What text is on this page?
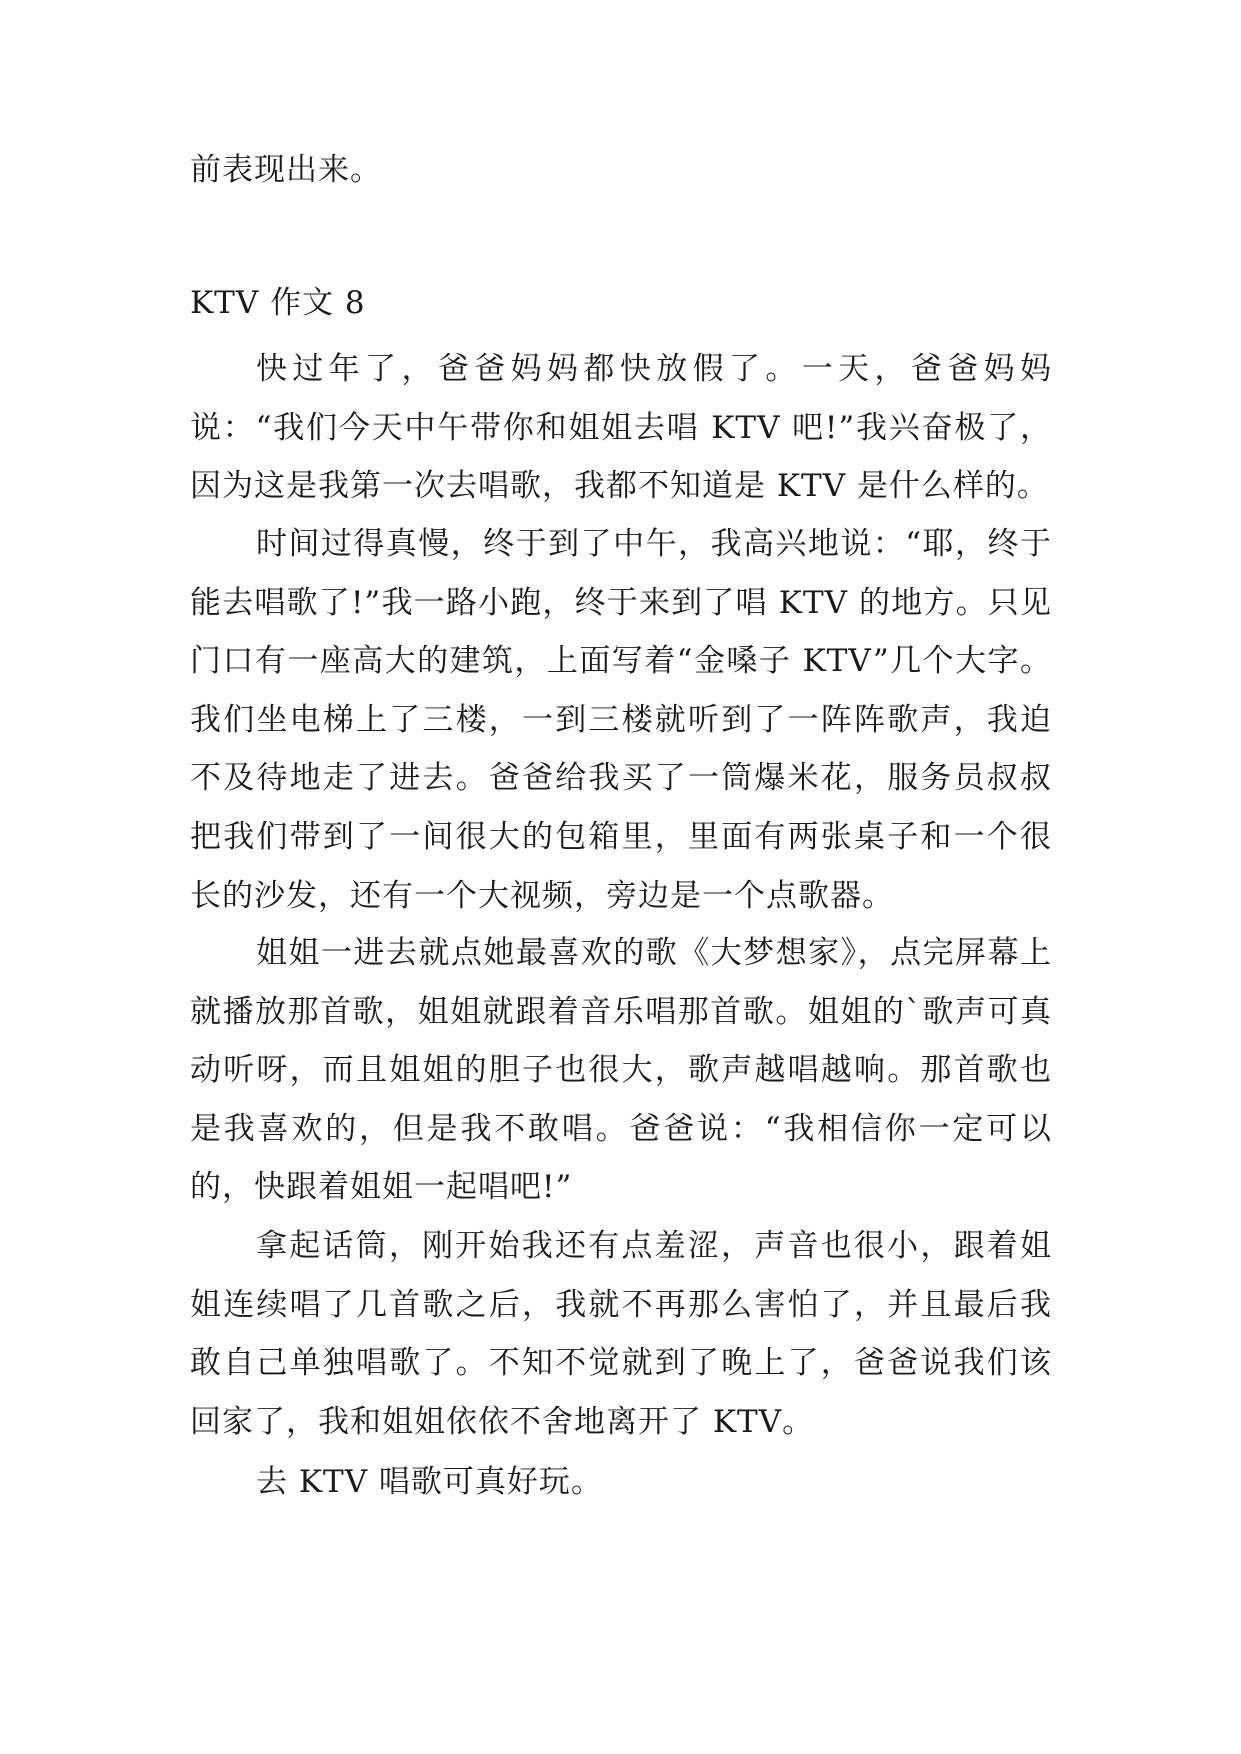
前表现出来。
KTV 作文 8

快过年了，爸爸妈妈都快放假了。一天，爸爸妈妈说：“我们今天中午带你和姐姐去唱 KTV 吧!”我兴奋极了，因为这是我第一次去唱歌，我都不知道是 KTV 是什么样的。

时间过得真慢，终于到了中午，我高兴地说：“耶，终于能去唱歌了!”我一路小跑，终于来到了唱 KTV 的地方。只见门口有一座高大的建筑，上面写着“金嗓子 KTV”几个大字。我们坐电梯上了三楼，一到三楼就听到了一阵阵歌声，我迫不及待地走了进去。爸爸给我买了一筒爆米花，服务员叔叔把我们带到了一间很大的包箱里，里面有两张桌子和一个很长的沙发，还有一个大视频，旁边是一个点歌器。

姐姐一进去就点她最喜欢的歌《大梦想家》，点完屏幕上就播放那首歌，姐姐就跟着音乐唱那首歌。姐姐的`歌声可真动听呀，而且姐姐的胆子也很大，歌声越唱越响。那首歌也是我喜欢的，但是我不敢唱。爸爸说：“我相信你一定可以的，快跟着姐姐一起唱吧!”

拿起话筒，刚开始我还有点羞涩，声音也很小，跟着姐姐连续唱了几首歌之后，我就不再那么害怕了，并且最后我敢自己单独唱歌了。不知不觉就到了晚上了，爸爸说我们该回家了，我和姐姐依依不舍地离开了 KTV。

去 KTV 唱歌可真好玩。
